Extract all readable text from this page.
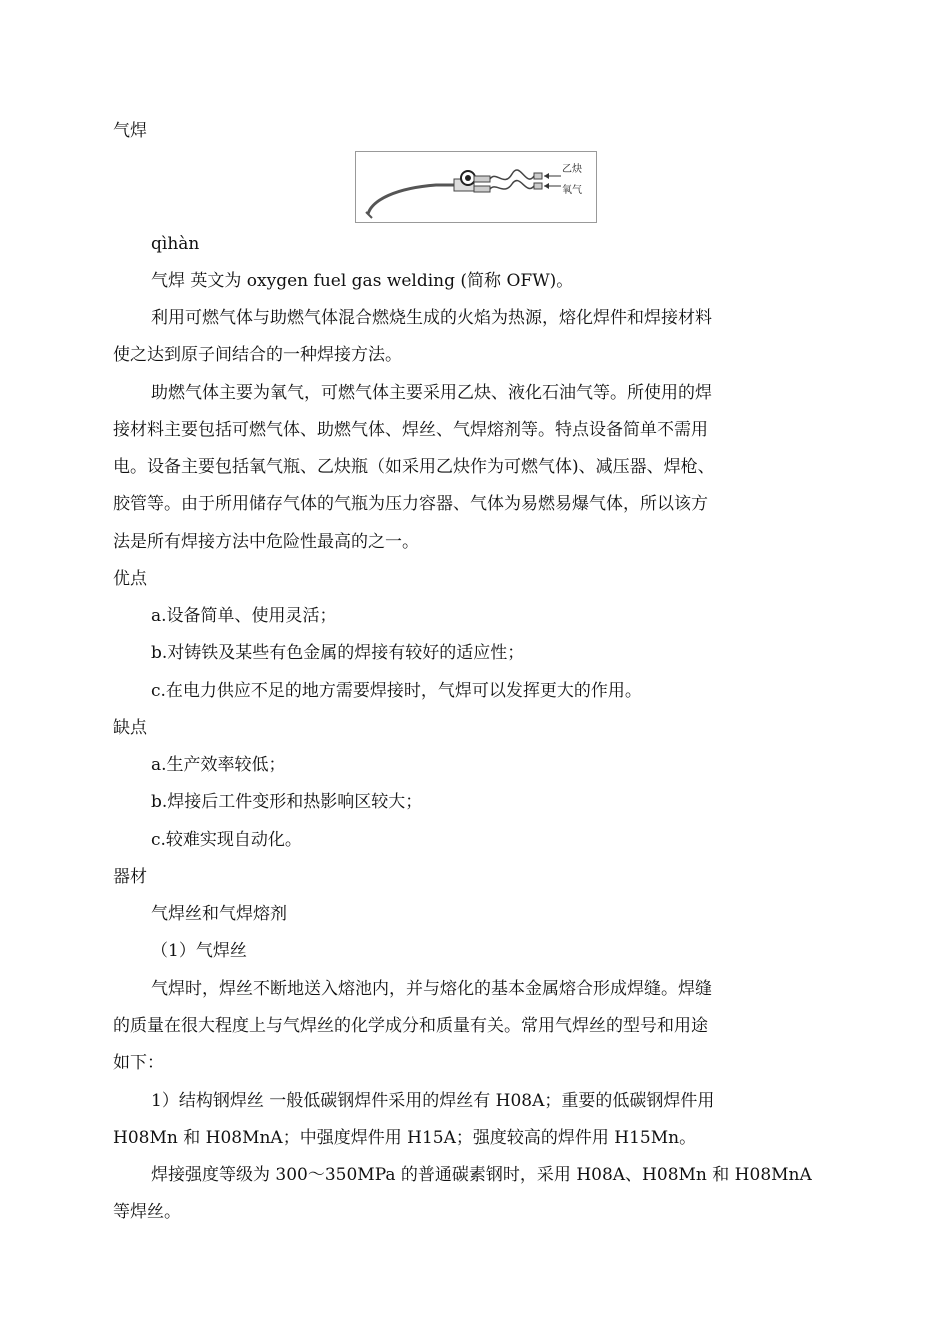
气焊
乙炔
氧气
qìhàn
气焊 英文为 oxygen fuel gas welding (简称 OFW)。
利用可燃气体与助燃气体混合燃烧生成的火焰为热源，熔化焊件和焊接材料
使之达到原子间结合的一种焊接方法。
助燃气体主要为氧气，可燃气体主要采用乙炔、液化石油气等。所使用的焊
接材料主要包括可燃气体、助燃气体、焊丝、气焊熔剂等。特点设备简单不需用
电。设备主要包括氧气瓶、乙炔瓶（如采用乙炔作为可燃气体)、减压器、焊枪、
胶管等。由于所用储存气体的气瓶为压力容器、气体为易燃易爆气体，所以该方
法是所有焊接方法中危险性最高的之一。
优点
a.设备简单、使用灵活；
b.对铸铁及某些有色金属的焊接有较好的适应性；
c.在电力供应不足的地方需要焊接时，气焊可以发挥更大的作用。
缺点
a.生产效率较低；
b.焊接后工件变形和热影响区较大；
c.较难实现自动化。
器材
气焊丝和气焊熔剂
（1）气焊丝
气焊时，焊丝不断地送入熔池内，并与熔化的基本金属熔合形成焊缝。焊缝
的质量在很大程度上与气焊丝的化学成分和质量有关。常用气焊丝的型号和用途
如下：
1）结构钢焊丝 一般低碳钢焊件采用的焊丝有 H08A；重要的低碳钢焊件用
H08Mn 和 H08MnA；中强度焊件用 H15A；强度较高的焊件用 H15Mn。
焊接强度等级为 300～350MPa 的普通碳素钢时，采用 H08A、H08Mn 和 H08MnA
等焊丝。
